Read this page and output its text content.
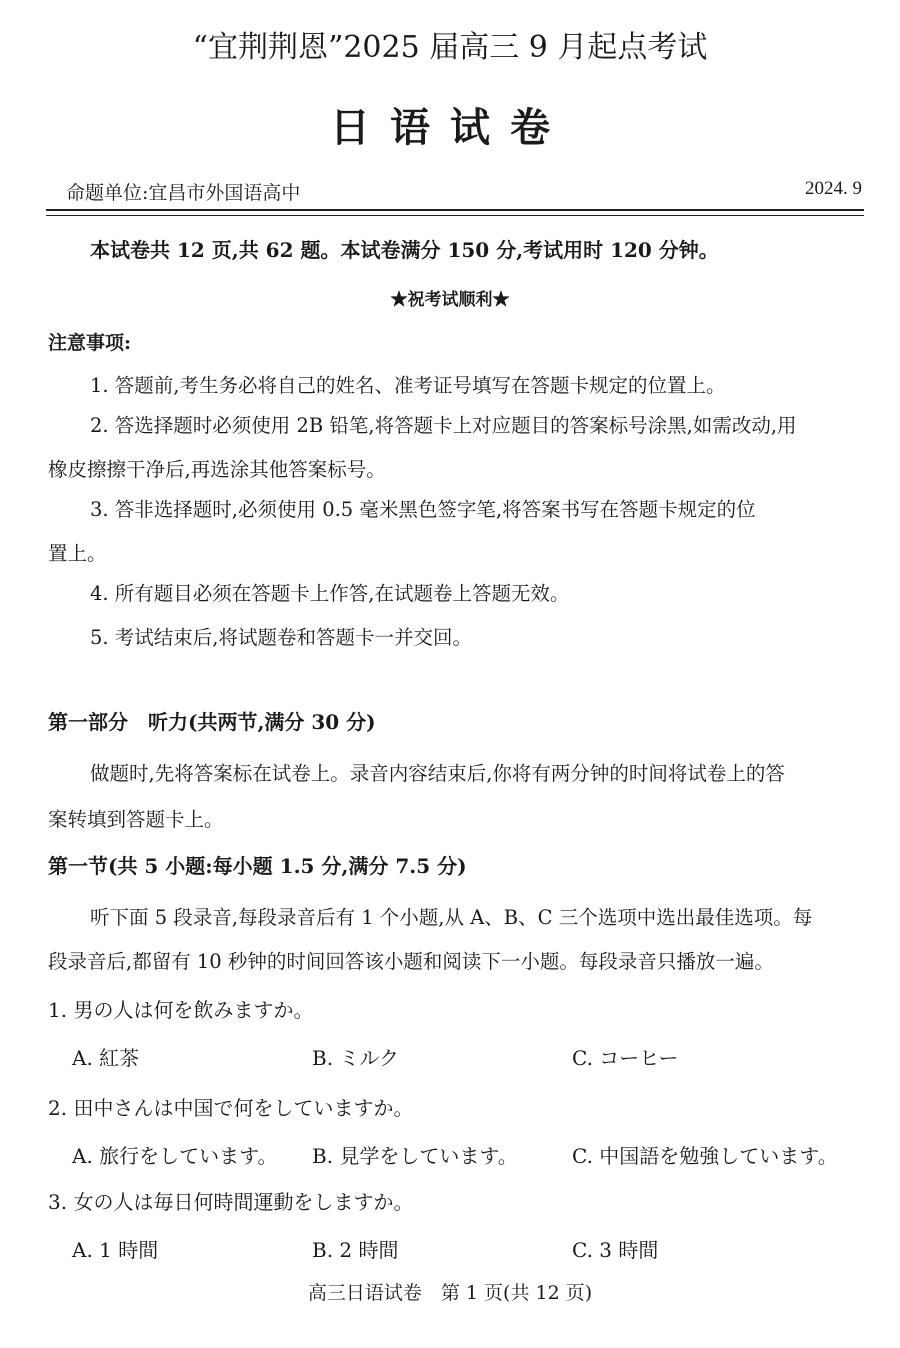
“宜荆荆恩”2025 届高三 9 月起点考试
日语试卷
命题单位:宜昌市外国语高中	2024. 9
本试卷共 12 页,共 62 题。本试卷满分 150 分,考试用时 120 分钟。
★祝考试顺利★
注意事项:
1. 答题前,考生务必将自己的姓名、准考证号填写在答题卡规定的位置上。
2. 答选择题时必须使用 2B 铅笔,将答题卡上对应题目的答案标号涂黑,如需改动,用
橡皮擦擦干净后,再选涂其他答案标号。
3. 答非选择题时,必须使用 0.5 毫米黑色签字笔,将答案书写在答题卡规定的位
置上。
4. 所有题目必须在答题卡上作答,在试题卷上答题无效。
5. 考试结束后,将试题卷和答题卡一并交回。
第一部分　听力(共两节,满分 30 分)
做题时,先将答案标在试卷上。录音内容结束后,你将有两分钟的时间将试卷上的答
案转填到答题卡上。
第一节(共 5 小题:每小题 1.5 分,满分 7.5 分)
听下面 5 段录音,每段录音后有 1 个小题,从 A、B、C 三个选项中选出最佳选项。每
段录音后,都留有 10 秒钟的时间回答该小题和阅读下一小题。每段录音只播放一遍。
1. 男の人は何を飲みますか。
A. 紅茶	B. ミルク	C. コーヒー
2. 田中さんは中国で何をしていますか。
A. 旅行をしています。 B. 見学をしています。	C. 中国語を勉強しています。
3. 女の人は毎日何時間運動をしますか。
A. 1 時間	B. 2 時間	C. 3 時間
高三日语试卷　第 1 页(共 12 页)
